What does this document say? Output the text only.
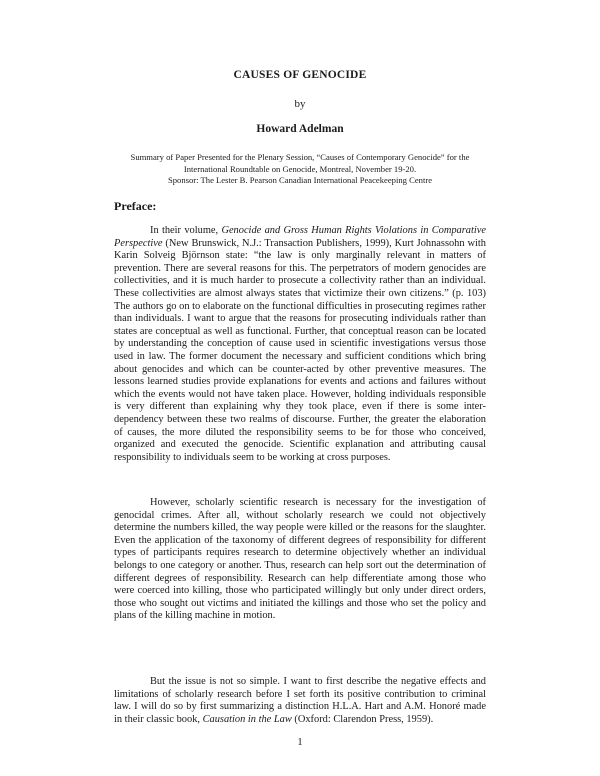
CAUSES OF GENOCIDE
by
Howard Adelman
Summary of Paper Presented for the Plenary Session, “Causes of Contemporary Genocide” for the
International Roundtable on Genocide, Montreal, November 19-20.
Sponsor: The Lester B. Pearson Canadian International Peacekeeping Centre
Preface:

In their volume, Genocide and Gross Human Rights Violations in Comparative Perspective (New Brunswick, N.J.: Transaction Publishers, 1999), Kurt Johnassohn with Karin Solveig Björnson state: “the law is only marginally relevant in matters of prevention. There are several reasons for this. The perpetrators of modern genocides are collectivities, and it is much harder to prosecute a collectivity rather than an individual. These collectivities are almost always states that victimize their own citizens.” (p. 103) The authors go on to elaborate on the functional difficulties in prosecuting regimes rather than individuals. I want to argue that the reasons for prosecuting individuals rather than states are conceptual as well as functional. Further, that conceptual reason can be located by understanding the conception of cause used in scientific investigations versus those used in law. The former document the necessary and sufficient conditions which bring about genocides and which can be counter-acted by other preventive measures. The lessons learned studies provide explanations for events and actions and failures without which the events would not have taken place. However, holding individuals responsible is very different than explaining why they took place, even if there is some inter-dependency between these two realms of discourse. Further, the greater the elaboration of causes, the more diluted the responsibility seems to be for those who conceived, organized and executed the genocide. Scientific explanation and attributing causal responsibility to individuals seem to be working at cross purposes.

However, scholarly scientific research is necessary for the investigation of genocidal crimes. After all, without scholarly research we could not objectively determine the numbers killed, the way people were killed or the reasons for the slaughter. Even the application of the taxonomy of different degrees of responsibility for different types of participants requires research to determine objectively whether an individual belongs to one category or another. Thus, research can help sort out the determination of different degrees of responsibility. Research can help differentiate among those who were coerced into killing, those who participated willingly but only under direct orders, those who sought out victims and initiated the killings and those who set the policy and plans of the killing machine in motion.

But the issue is not so simple. I want to first describe the negative effects and limitations of scholarly research before I set forth its positive contribution to criminal law. I will do so by first summarizing a distinction H.L.A. Hart and A.M. Honoré made in their classic book, Causation in the Law (Oxford: Clarendon Press, 1959).

1
